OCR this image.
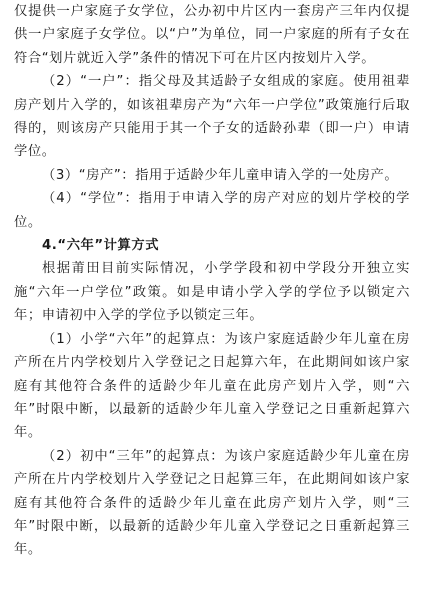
仅提供一户家庭子女学位，公办初中片区内一套房产三年内仅提供一户家庭子女学位。以“户”为单位，同一户家庭的所有子女在符合“划片就近入学”条件的情况下可在片区内按划片入学。

（2）“一户”：指父母及其适龄子女组成的家庭。使用祖辈房产划片入学的，如该祖辈房产为“六年一户学位”政策施行后取得的，则该房产只能用于其一个子女的适龄孙辈（即一户）申请学位。

（3）“房产”：指用于适龄少年儿童申请入学的一处房产。

（4）“学位”：指用于申请入学的房产对应的划片学校的学位。

4.“六年”计算方式

根据莆田目前实际情况，小学学段和初中学段分开独立实施“六年一户学位”政策。如是申请小学入学的学位予以锁定六年；申请初中入学的学位予以锁定三年。

（1）小学“六年”的起算点：为该户家庭适龄少年儿童在房产所在片内学校划片入学登记之日起算六年，在此期间如该户家庭有其他符合条件的适龄少年儿童在此房产划片入学，则“六年”时限中断，以最新的适龄少年儿童入学登记之日重新起算六年。

（2）初中“三年”的起算点：为该户家庭适龄少年儿童在房产所在片内学校划片入学登记之日起算三年，在此期间如该户家庭有其他符合条件的适龄少年儿童在此房产划片入学，则“三年”时限中断，以最新的适龄少年儿童入学登记之日重新起算三年。
